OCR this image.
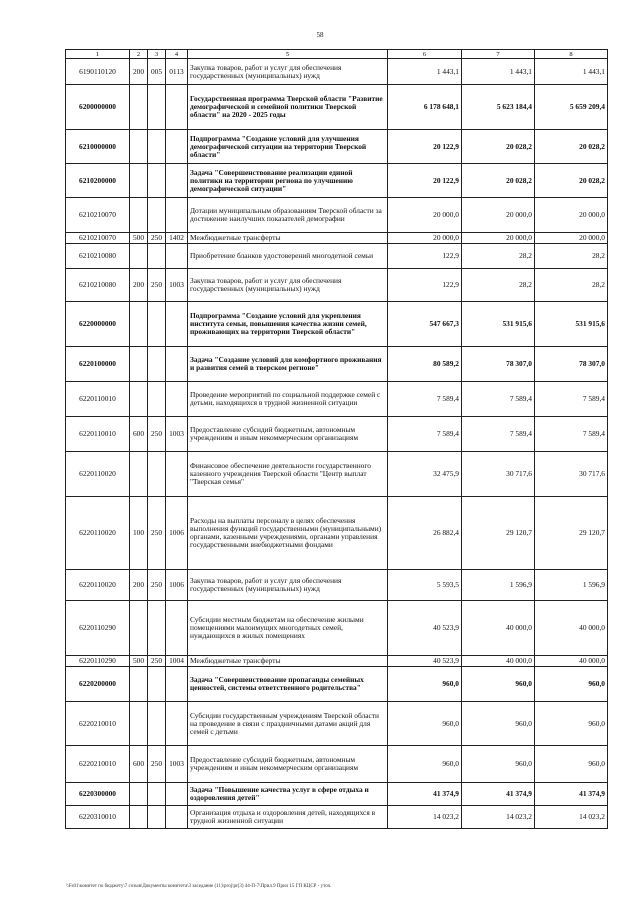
58
1	2	3	4	5	6	7	8
6190110120	200	005	0113	Закупка товаров, работ и услуг для обеспечения государственных (муниципальных) нужд	1 443,1	1 443,1	1 443,1
6200000000				Государственная программа Тверской области "Развитие демографической и семейной политики Тверской области" на 2020 - 2025 годы	6 178 648,1	5 623 184,4	5 659 209,4
6210000000				Подпрограмма "Создание условий для улучшения демографической ситуации на территории Тверской области"	20 122,9	20 028,2	20 028,2
6210200000				Задача "Совершенствование реализации единой политики на территории региона по улучшению демографической ситуации"	20 122,9	20 028,2	20 028,2
6210210070				Дотации муниципальным образованиям Тверской области за достижение наилучших показателей демографии	20 000,0	20 000,0	20 000,0
6210210070	500	250	1402	Межбюджетные трансферты	20 000,0	20 000,0	20 000,0
6210210080				Приобретение бланков удостоверений многодетной семьи	122,9	28,2	28,2
6210210080	200	250	1003	Закупка товаров, работ и услуг для обеспечения государственных (муниципальных) нужд	122,9	28,2	28,2
6220000000				Подпрограмма "Создание условий для укрепления института семьи, повышения качества жизни семей, проживающих на территории Тверской области"	547 667,3	531 915,6	531 915,6
6220100000				Задача "Создание условий для комфортного проживания и развития семей в тверском регионе"	80 589,2	78 307,0	78 307,0
6220110010				Проведение мероприятий по социальной поддержке семей с детьми, находящихся в трудной жизненной ситуации	7 589,4	7 589,4	7 589,4
6220110010	600	250	1003	Предоставление субсидий бюджетным, автономным учреждениям и иным некоммерческим организациям	7 589,4	7 589,4	7 589,4
6220110020				Финансовое обеспечение деятельности государственного казенного учреждения Тверской области "Центр выплат "Тверская семья"	32 475,9	30 717,6	30 717,6
6220110020	100	250	1006	Расходы на выплаты персоналу в целях обеспечения выполнения функций государственными (муниципальными) органами, казенными учреждениями, органами управления государственными внебюджетными фондами	26 882,4	29 120,7	29 120,7
6220110020	200	250	1006	Закупка товаров, работ и услуг для обеспечения государственных (муниципальных) нужд	5 593,5	1 596,9	1 596,9
6220110290				Субсидии местным бюджетам на обеспечение жилыми помещениями малоимущих многодетных семей, нуждающихся в жилых помещениях	40 523,9	40 000,0	40 000,0
6220110290	500	250	1004	Межбюджетные трансферты	40 523,9	40 000,0	40 000,0
6220200000				Задача "Совершенствование пропаганды семейных ценностей, системы ответственного родительства"	960,0	960,0	960,0
6220210010				Субсидии государственным учреждениям Тверской области на проведение в связи с праздничными датами акций для семей с детьми	960,0	960,0	960,0
6220210010	600	250	1003	Предоставление субсидий бюджетным, автономным учреждениям и иным некоммерческим организациям	960,0	960,0	960,0
6220300000				Задача "Повышение качества услуг в сфере отдыха и оздоровления детей"	41 374,9	41 374,9	41 374,9
6220310010				Организация отдыха и оздоровления детей, находящихся в трудной жизненной ситуации	14 023,2	14 023,2	14 023,2
\\Fs01\комитет по бюджету\7 созыв\Документы комитета\3 заседание (11)\proj\pr(3) 44-П-7\Прил.9 Прил 15 ГП КЦСР - уточ.
